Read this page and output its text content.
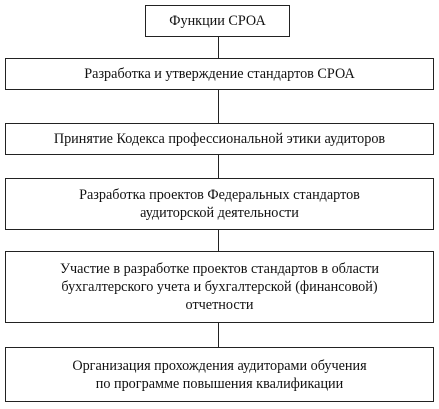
Функции СРОА
Разработка и утверждение стандартов СРОА
Принятие Кодекса профессиональной этики аудиторов
Разработка проектов Федеральных стандартов
аудиторской деятельности
Участие в разработке проектов стандартов в области
бухгалтерского учета и бухгалтерской (финансовой)
отчетности
Организация прохождения аудиторами обучения
по программе повышения квалификации
